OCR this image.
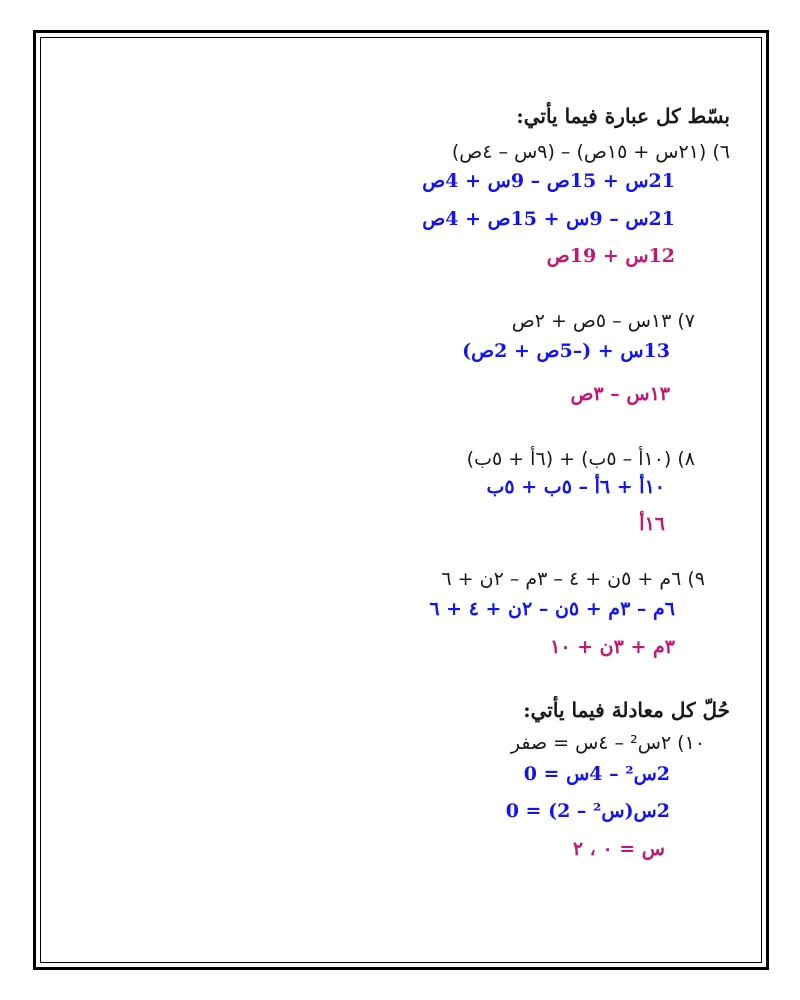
بسّط كل عبارة فيما يأتي:
٦) (٢١س + ١٥ص) – (٩س – ٤ص)
21س + 15ص – 9س + 4ص
21س – 9س + 15ص + 4ص
12س + 19ص
٧) ١٣س – ٥ص + ٢ص
13س + (–5ص + 2ص)
١٣س – ٣ص
٨) (١٠أ – ٥ب) + (٦أ + ٥ب)
١٠أ + ٦أ – ٥ب + ٥ب
١٦أ
٩) ٦م + ٥ن + ٤ – ٣م – ٢ن + ٦
٦م – ٣م + ٥ن – ٢ن + ٤ + ٦
٣م + ٣ن + ١٠
حُلّ كل معادلة فيما يأتي:
١٠) ٢س² – ٤س = صفر
2س² – 4س = 0
2س(س² – 2) = 0
س = ٠ ، ٢
